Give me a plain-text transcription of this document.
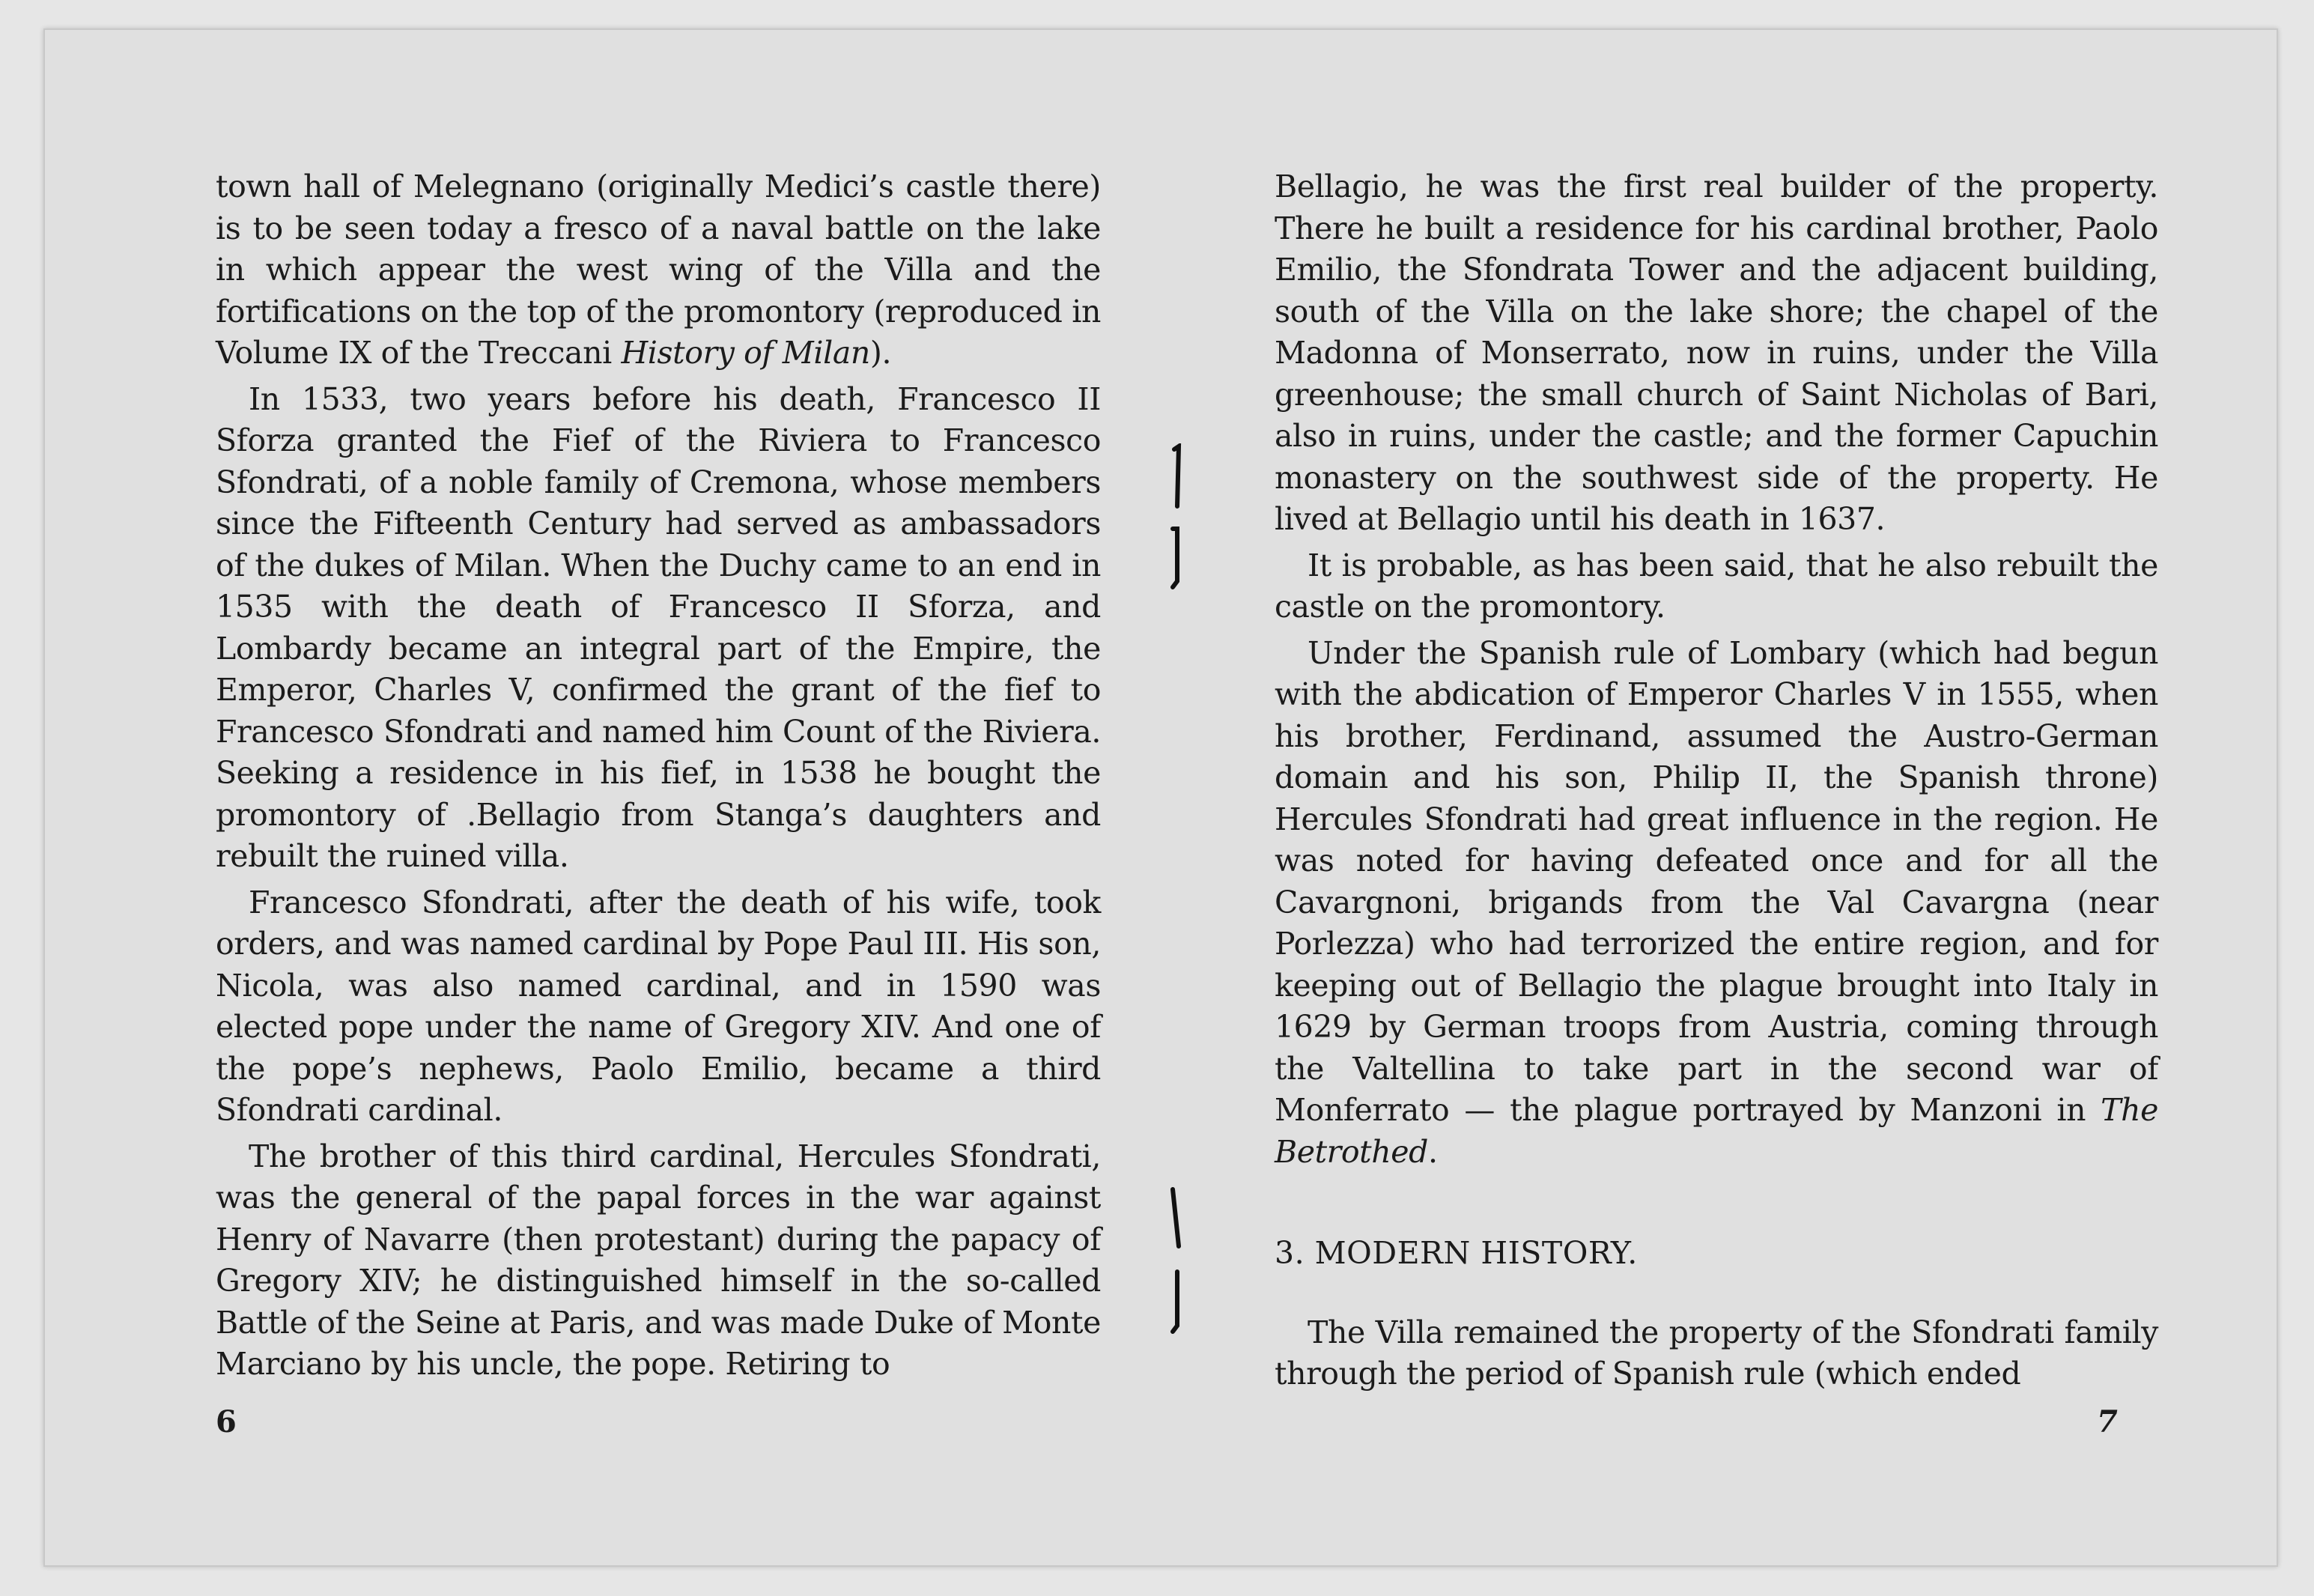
town hall of Melegnano (originally Medici’s castle there) is to be seen today a fresco of a naval battle on the lake in which appear the west wing of the Villa and the fortifications on the top of the promontory (reproduced in Volume IX of the Treccani History of Milan).

In 1533, two years before his death, Francesco II Sforza granted the Fief of the Riviera to Francesco Sfondrati, of a noble family of Cremona, whose members since the Fifteenth Century had served as ambassadors of the dukes of Milan. When the Duchy came to an end in 1535 with the death of Francesco II Sforza, and Lombardy became an integral part of the Empire, the Emperor, Charles V, confirmed the grant of the fief to Francesco Sfondrati and named him Count of the Riviera. Seeking a residence in his fief, in 1538 he bought the promontory of .Bellagio from Stanga’s daughters and rebuilt the ruined villa.

Francesco Sfondrati, after the death of his wife, took orders, and was named cardinal by Pope Paul III. His son, Nicola, was also named cardinal, and in 1590 was elected pope under the name of Gregory XIV. And one of the pope’s nephews, Paolo Emilio, became a third Sfondrati cardinal.

The brother of this third cardinal, Hercules Sfondrati, was the general of the papal forces in the war against Henry of Navarre (then protestant) during the papacy of Gregory XIV; he distinguished himself in the so-called Battle of the Seine at Paris, and was made Duke of Monte Marciano by his uncle, the pope. Retiring to

6

Bellagio, he was the first real builder of the property. There he built a residence for his cardinal brother, Paolo Emilio, the Sfondrata Tower and the adjacent building, south of the Villa on the lake shore; the chapel of the Madonna of Monserrato, now in ruins, under the Villa greenhouse; the small church of Saint Nicholas of Bari, also in ruins, under the castle; and the former Capuchin monastery on the southwest side of the property. He lived at Bellagio until his death in 1637.

It is probable, as has been said, that he also rebuilt the castle on the promontory.

Under the Spanish rule of Lombary (which had begun with the abdication of Emperor Charles V in 1555, when his brother, Ferdinand, assumed the Austro-German domain and his son, Philip II, the Spanish throne) Hercules Sfondrati had great influence in the region. He was noted for having defeated once and for all the Cavargnoni, brigands from the Val Cavargna (near Porlezza) who had terrorized the entire region, and for keeping out of Bellagio the plague brought into Italy in 1629 by German troops from Austria, coming through the Valtellina to take part in the second war of Monferrato — the plague portrayed by Manzoni in The Betrothed.

3. MODERN HISTORY.

The Villa remained the property of the Sfondrati family through the period of Spanish rule (which ended

7
